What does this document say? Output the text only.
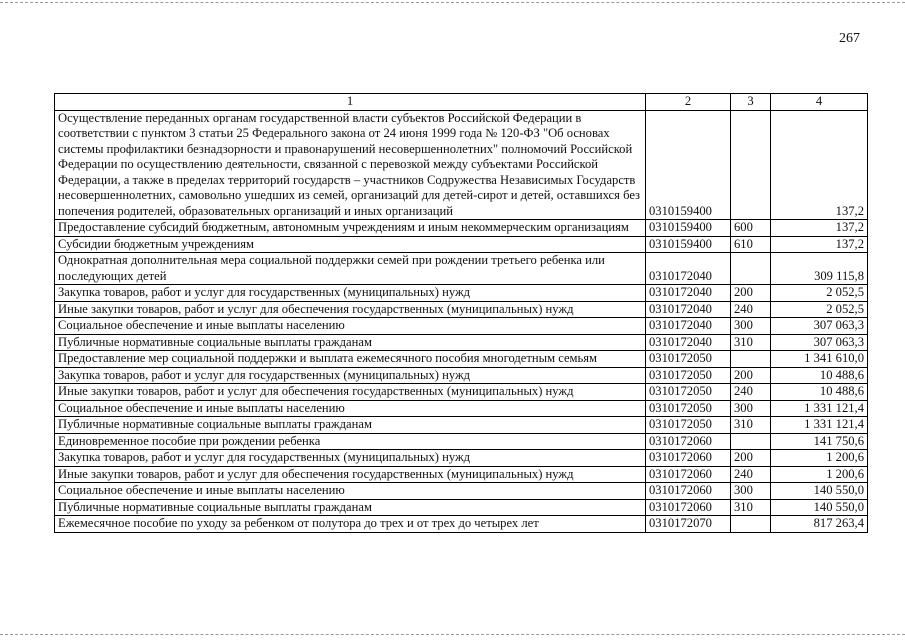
267
1	2	3	4
Осуществление переданных органам государственной власти субъектов Российской Федерации в соответствии с пунктом 3 статьи 25 Федерального закона от 24 июня 1999 года № 120-ФЗ "Об основах системы профилактики безнадзорности и правонарушений несовершеннолетних" полномочий Российской Федерации по осуществлению деятельности, связанной с перевозкой между субъектами Российской Федерации, а также в пределах территорий государств – участников Содружества Независимых Государств несовершеннолетних, самовольно ушедших из семей, организаций для детей-сирот и детей, оставшихся без попечения родителей, образовательных организаций и иных организаций	0310159400		137,2
Предоставление субсидий бюджетным, автономным учреждениям и иным некоммерческим организациям	0310159400	600	137,2
Субсидии бюджетным учреждениям	0310159400	610	137,2
Однократная дополнительная мера социальной поддержки семей при рождении третьего ребенка или последующих детей	0310172040		309 115,8
Закупка товаров, работ и услуг для государственных (муниципальных) нужд	0310172040	200	2 052,5
Иные закупки товаров, работ и услуг для обеспечения государственных (муниципальных) нужд	0310172040	240	2 052,5
Социальное обеспечение и иные выплаты населению	0310172040	300	307 063,3
Публичные нормативные социальные выплаты гражданам	0310172040	310	307 063,3
Предоставление мер социальной поддержки и выплата ежемесячного пособия многодетным семьям	0310172050		1 341 610,0
Закупка товаров, работ и услуг для государственных (муниципальных) нужд	0310172050	200	10 488,6
Иные закупки товаров, работ и услуг для обеспечения государственных (муниципальных) нужд	0310172050	240	10 488,6
Социальное обеспечение и иные выплаты населению	0310172050	300	1 331 121,4
Публичные нормативные социальные выплаты гражданам	0310172050	310	1 331 121,4
Единовременное пособие при рождении ребенка	0310172060		141 750,6
Закупка товаров, работ и услуг для государственных (муниципальных) нужд	0310172060	200	1 200,6
Иные закупки товаров, работ и услуг для обеспечения государственных (муниципальных) нужд	0310172060	240	1 200,6
Социальное обеспечение и иные выплаты населению	0310172060	300	140 550,0
Публичные нормативные социальные выплаты гражданам	0310172060	310	140 550,0
Ежемесячное пособие по уходу за ребенком от полутора до трех и от трех до четырех лет	0310172070		817 263,4
